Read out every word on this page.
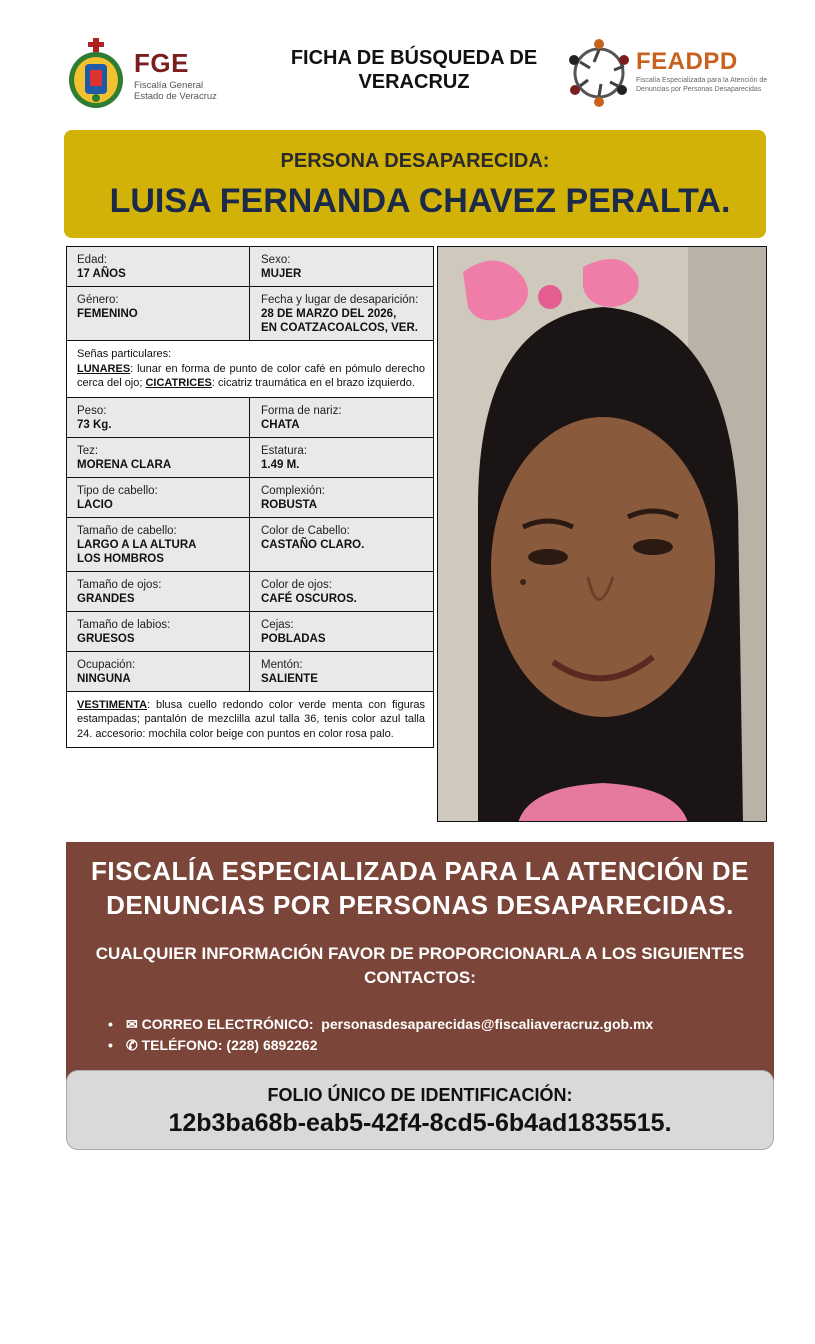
FGE
Fiscalía General
Estado de Veracruz
FICHA DE BÚSQUEDA DE VERACRUZ
FEADPD
Fiscalía Especializada para la Atención de Denuncias por Personas Desaparecidas
PERSONA DESAPARECIDA:
LUISA FERNANDA CHAVEZ PERALTA.
Edad:
17 AÑOS
Sexo:
MUJER
Género:
FEMENINO
Fecha y lugar de desaparición:
28 DE MARZO DEL 2026,
EN COATZACOALCOS, VER.
Señas particulares:
LUNARES: lunar en forma de punto de color café en pómulo derecho cerca del ojo; CICATRICES: cicatriz traumática en el brazo izquierdo.
Peso:
73 Kg.
Forma de nariz:
CHATA
Tez:
MORENA CLARA
Estatura:
1.49 M.
Tipo de cabello:
LACIO
Complexión:
ROBUSTA
Tamaño de cabello:
LARGO A LA ALTURA
LOS HOMBROS
Color de Cabello:
CASTAÑO CLARO.
Tamaño de ojos:
GRANDES
Color de ojos:
CAFÉ OSCUROS.
Tamaño de labios:
GRUESOS
Cejas:
POBLADAS
Ocupación:
NINGUNA
Mentón:
SALIENTE
VESTIMENTA: blusa cuello redondo color verde menta con figuras estampadas; pantalón de mezclilla azul talla 36, tenis color azul talla 24. accesorio: mochila color beige con puntos en color rosa palo.
FISCALÍA ESPECIALIZADA PARA LA ATENCIÓN DE DENUNCIAS POR PERSONAS DESAPARECIDAS.
CUALQUIER INFORMACIÓN FAVOR DE PROPORCIONARLA A LOS SIGUIENTES CONTACTOS:
• ✉ CORREO ELECTRÓNICO: personasdesaparecidas@fiscaliaveracruz.gob.mx
• ✆ TELÉFONO: (228) 6892262
FOLIO ÚNICO DE IDENTIFICACIÓN:
12b3ba68b-eab5-42f4-8cd5-6b4ad1835515.
